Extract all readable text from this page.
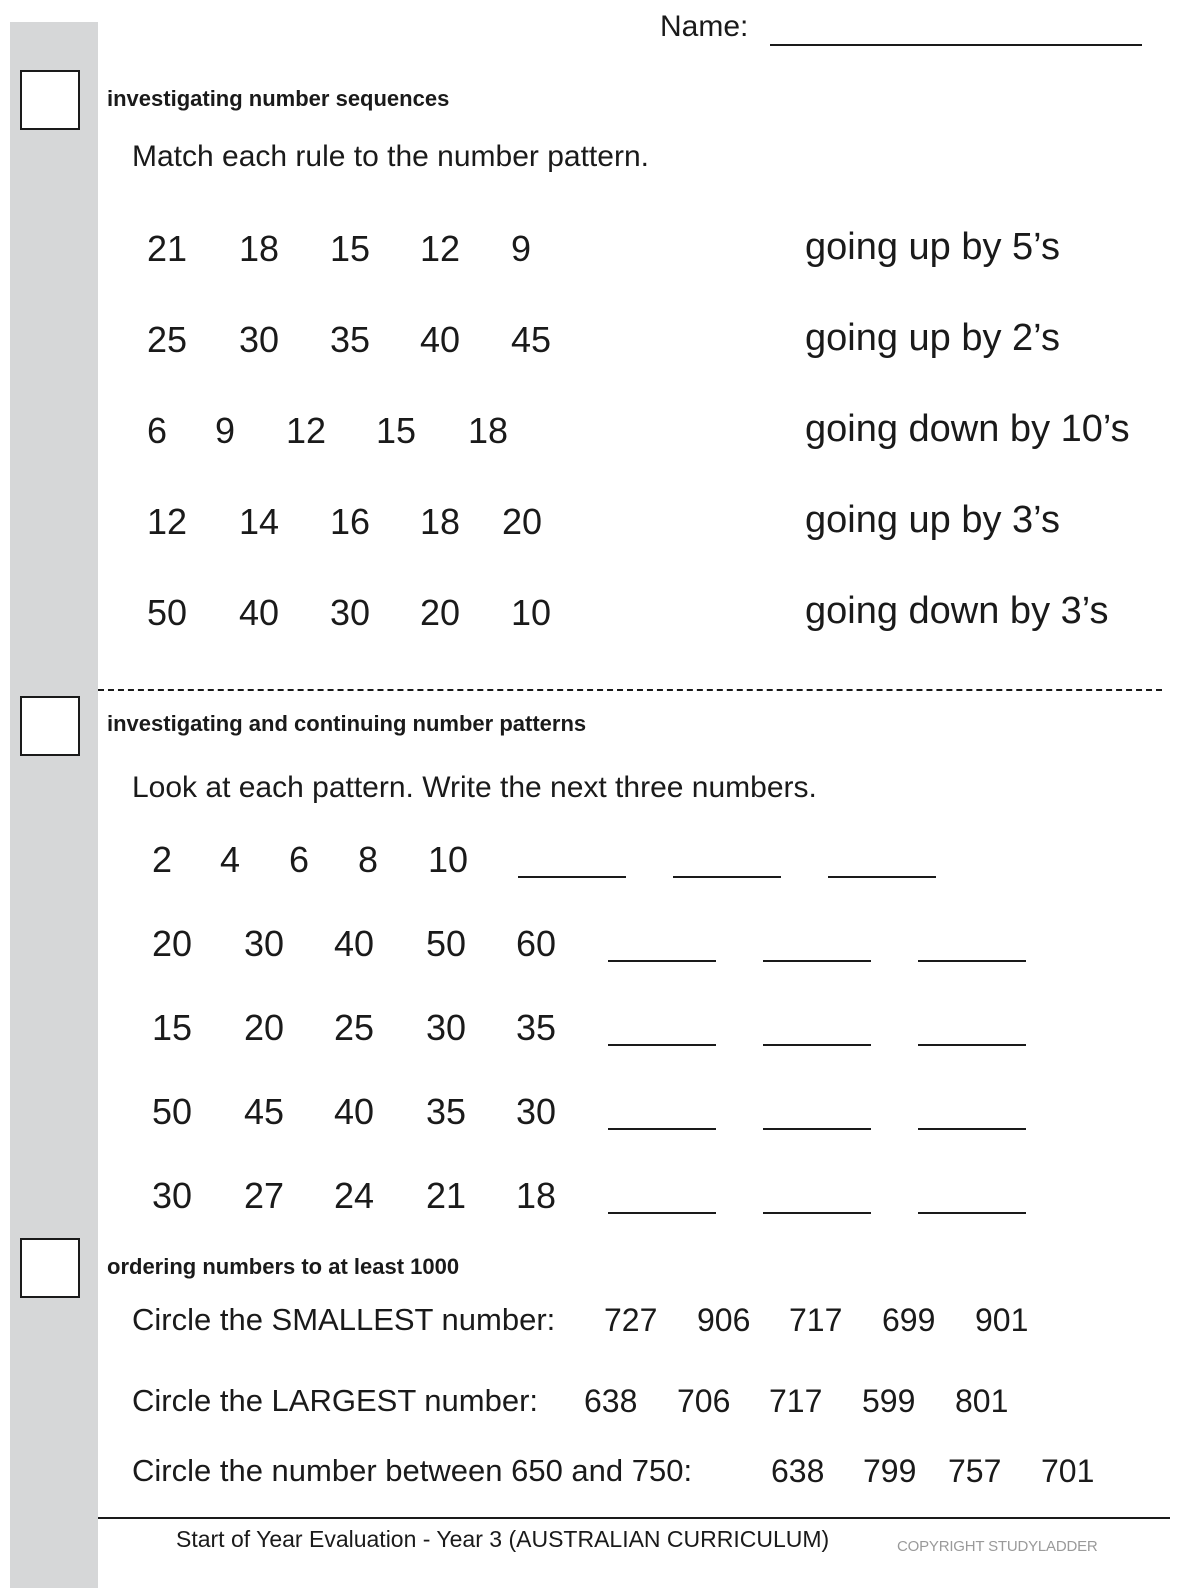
Name:
investigating number sequences
Match each rule to the number pattern.
21 18 15 12 9
25 30 35 40 45
6 9 12 15 18
12 14 16 18 20
50 40 30 20 10
going up by 5’s
going up by 2’s
going down by 10’s
going up by 3’s
going down by 3’s
investigating and continuing number patterns
Look at each pattern. Write the next three numbers.
2 4 6 8 10
20 30 40 50 60
15 20 25 30 35
50 45 40 35 30
30 27 24 21 18
ordering numbers to at least 1000
Circle the SMALLEST number: 727 906 717 699 901
Circle the LARGEST number: 638 706 717 599 801
Circle the number between 650 and 750: 638 799 757 701
Start of Year Evaluation - Year 3 (AUSTRALIAN CURRICULUM)	COPYRIGHT STUDYLADDER
